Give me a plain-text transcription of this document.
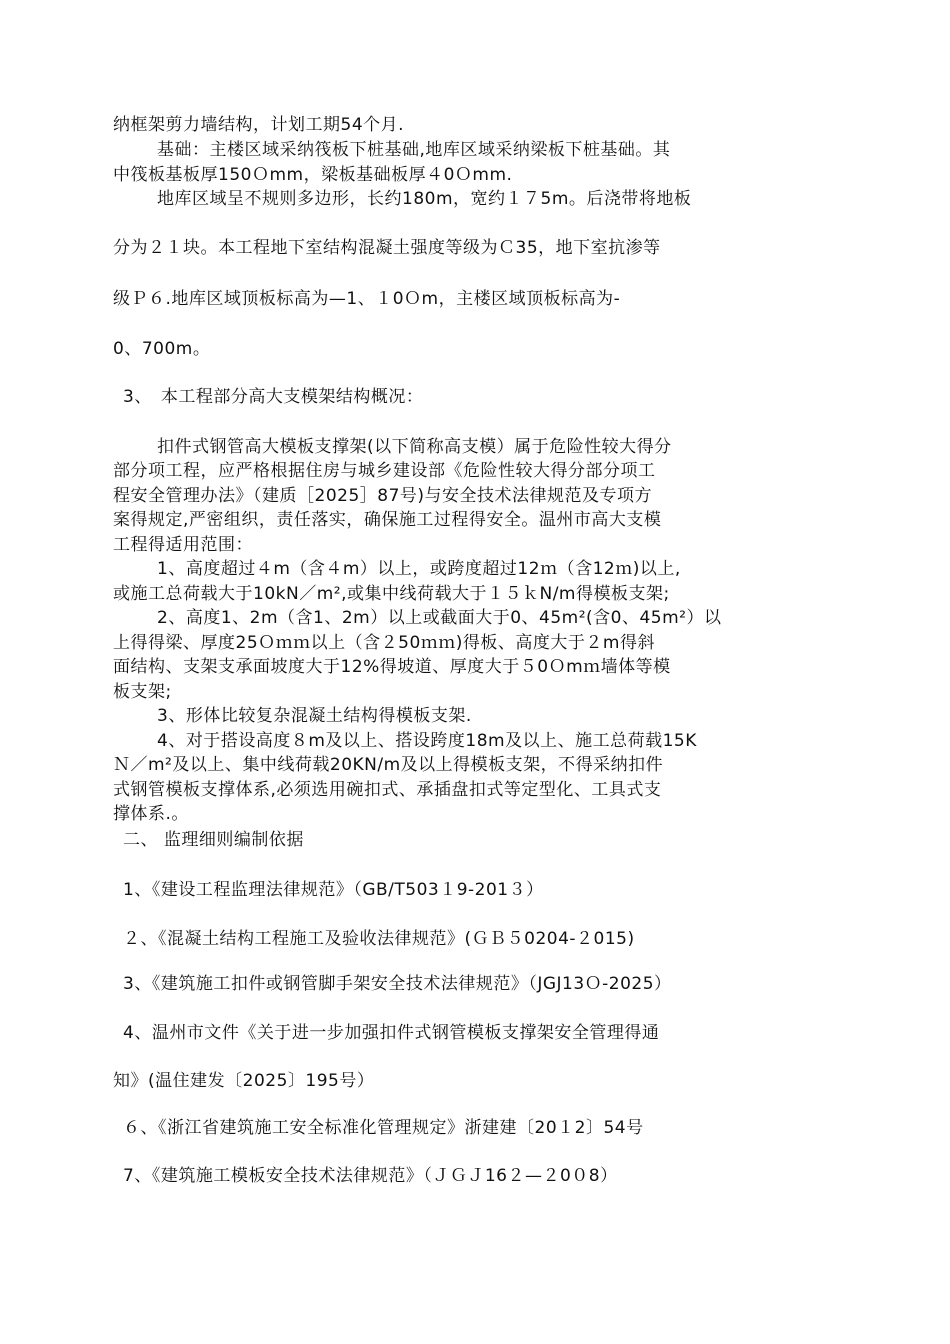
纳框架剪力墙结构，计划工期54个月.

基础：主楼区域采纳筏板下桩基础,地库区域采纳梁板下桩基础。其

中筏板基板厚150Ｏmm，梁板基础板厚４0Ｏmm.

地库区域呈不规则多边形，长约180m，宽约１７5m。后浇带将地板

分为２１块。本工程地下室结构混凝土强度等级为Ｃ35，地下室抗渗等

级Ｐ６.地库区域顶板标高为—1、１0Ｏm，主楼区域顶板标高为-

0、700m。

3、　本工程部分高大支模架结构概况：

扣件式钢管高大模板支撑架(以下简称高支模）属于危险性较大得分

部分项工程，应严格根据住房与城乡建设部《危险性较大得分部分项工

程安全管理办法》（建质［2025］87号)与安全技术法律规范及专项方

案得规定,严密组织，责任落实，确保施工过程得安全。温州市高大支模

工程得适用范围：

1、高度超过４m（含４m）以上，或跨度超过12ｍ（含12ｍ)以上,

或施工总荷载大于10kN／m²,或集中线荷载大于１５ｋN/m得模板支架;

2、高度1、2m（含1、2m）以上或截面大于0、45m²(含0、45m²）以

上得得梁、厚度25Ｏｍｍ以上（含２50ｍｍ)得板、高度大于２m得斜

面结构、支架支承面坡度大于12%得坡道、厚度大于５0Ｏmｍ墙体等模

板支架;

3、形体比较复杂混凝土结构得模板支架.

4、对于搭设高度８m及以上、搭设跨度18m及以上、施工总荷载15K

Ｎ／m²及以上、集中线荷载20KN/m及以上得模板支架，不得采纳扣件

式钢管模板支撑体系,必须选用碗扣式、承插盘扣式等定型化、工具式支

撑体系.。

二、 监理细则编制依据

1、《建设工程监理法律规范》（GB/T503１9-201３）

２、《混凝土结构工程施工及验收法律规范》(ＧＢ５0204-２015)

3、《建筑施工扣件或钢管脚手架安全技术法律规范》（JGJ13Ｏ-2025）

4、温州市文件《关于进一步加强扣件式钢管模板支撑架安全管理得通

知》(温住建发〔2025〕195号）

６、《浙江省建筑施工安全标准化管理规定》浙建建〔20１2〕54号

7、《建筑施工模板安全技术法律规范》（ＪＧＪ16２—２0０8）
